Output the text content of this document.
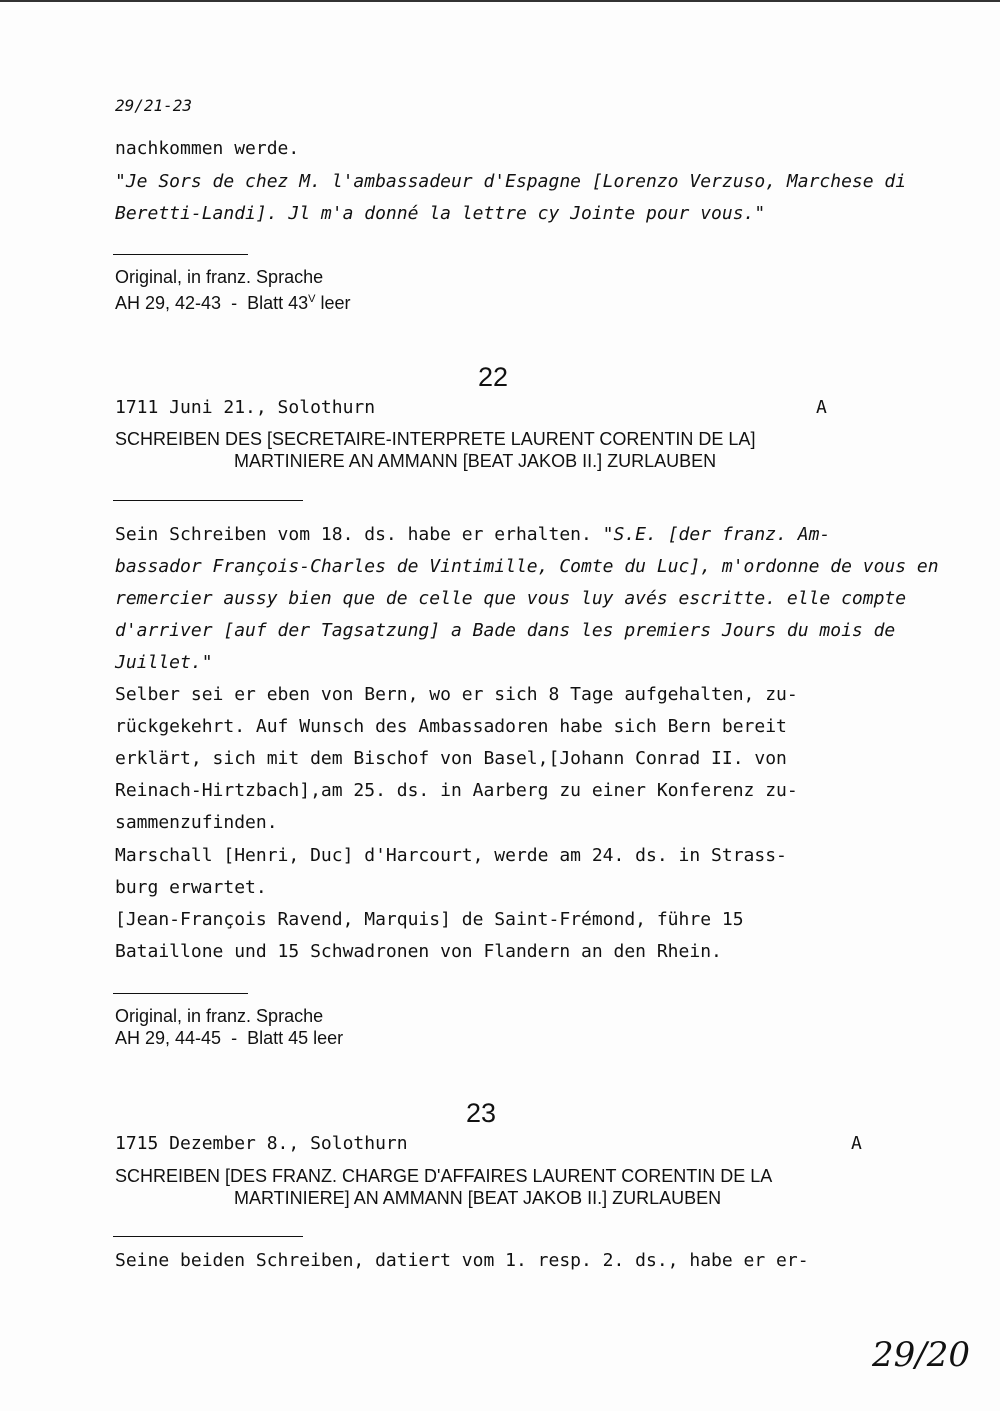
29/21-23
nachkommen werde.
"Je Sors de chez M. l'ambassadeur d'Espagne [Lorenzo Verzuso, Marchese di
Beretti-Landi]. Jl m'a donné la lettre cy Jointe pour vous."
Original, in franz. Sprache
AH 29, 42-43  -  Blatt $43^V$ leer
22
1711 Juni 21., Solothurn	A
SCHREIBEN DES [SECRETAIRE-INTERPRETE LAURENT CORENTIN DE LA]
MARTINIERE AN AMMANN [BEAT JAKOB II.] ZURLAUBEN
Sein Schreiben vom 18. ds. habe er erhalten. "S.E. [der franz. Am-
bassador François-Charles de Vintimille, Comte du Luc], m'ordonne de vous en
remercier aussy bien que de celle que vous luy avés escritte. elle compte
d'arriver [auf der Tagsatzung] a Bade dans les premiers Jours du mois de
Juillet."
Selber sei er eben von Bern, wo er sich 8 Tage aufgehalten, zu-
rückgekehrt. Auf Wunsch des Ambassadoren habe sich Bern bereit
erklärt, sich mit dem Bischof von Basel,[Johann Conrad II. von
Reinach-Hirtzbach],am 25. ds. in Aarberg zu einer Konferenz zu-
sammenzufinden.
Marschall [Henri, Duc] d'Harcourt, werde am 24. ds. in Strass-
burg erwartet.
[Jean-François Ravend, Marquis] de Saint-Frémond, führe 15
Bataillone und 15 Schwadronen von Flandern an den Rhein.
Original, in franz. Sprache
AH 29, 44-45  -  Blatt 45 leer
23
1715 Dezember 8., Solothurn	A
SCHREIBEN [DES FRANZ. CHARGE D'AFFAIRES LAURENT CORENTIN DE LA
MARTINIERE] AN AMMANN [BEAT JAKOB II.] ZURLAUBEN
Seine beiden Schreiben, datiert vom 1. resp. 2. ds., habe er er-
29/20
